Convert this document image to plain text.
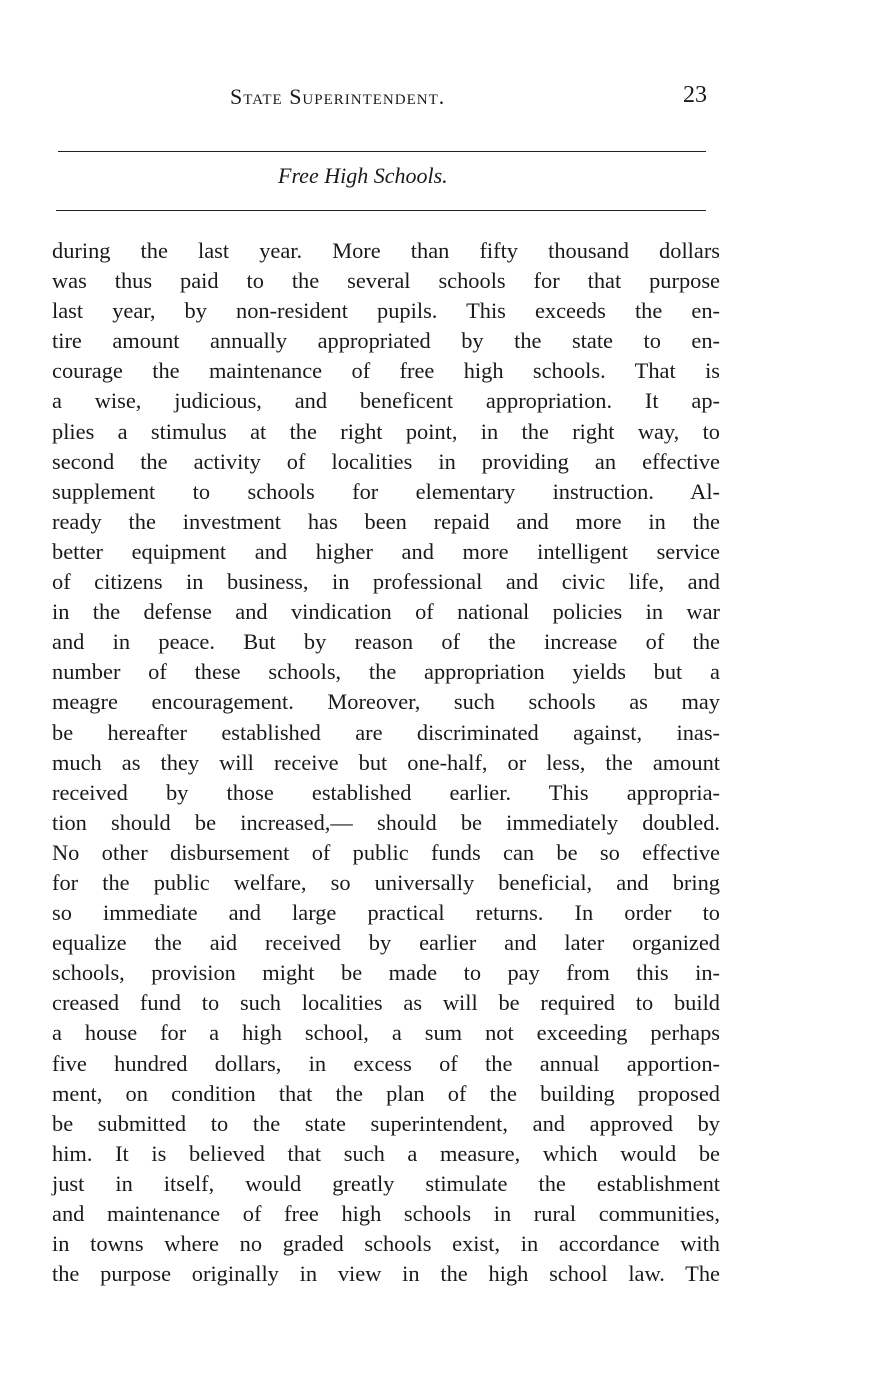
State Superintendent.	23
Free High Schools.
during the last year. More than fifty thousand dollars
was thus paid to the several schools for that purpose
last year, by non-resident pupils. This exceeds the en-
tire amount annually appropriated by the state to en-
courage the maintenance of free high schools. That is
a wise, judicious, and beneficent appropriation. It ap-
plies a stimulus at the right point, in the right way, to
second the activity of localities in providing an effective
supplement to schools for elementary instruction. Al-
ready the investment has been repaid and more in the
better equipment and higher and more intelligent service
of citizens in business, in professional and civic life, and
in the defense and vindication of national policies in war
and in peace. But by reason of the increase of the
number of these schools, the appropriation yields but a
meagre encouragement. Moreover, such schools as may
be hereafter established are discriminated against, inas-
much as they will receive but one-half, or less, the amount
received by those established earlier. This appropria-
tion should be increased,— should be immediately doubled.
No other disbursement of public funds can be so effective
for the public welfare, so universally beneficial, and bring
so immediate and large practical returns. In order to
equalize the aid received by earlier and later organized
schools, provision might be made to pay from this in-
creased fund to such localities as will be required to build
a house for a high school, a sum not exceeding perhaps
five hundred dollars, in excess of the annual apportion-
ment, on condition that the plan of the building proposed
be submitted to the state superintendent, and approved by
him. It is believed that such a measure, which would be
just in itself, would greatly stimulate the establishment
and maintenance of free high schools in rural communities,
in towns where no graded schools exist, in accordance with
the purpose originally in view in the high school law. The
